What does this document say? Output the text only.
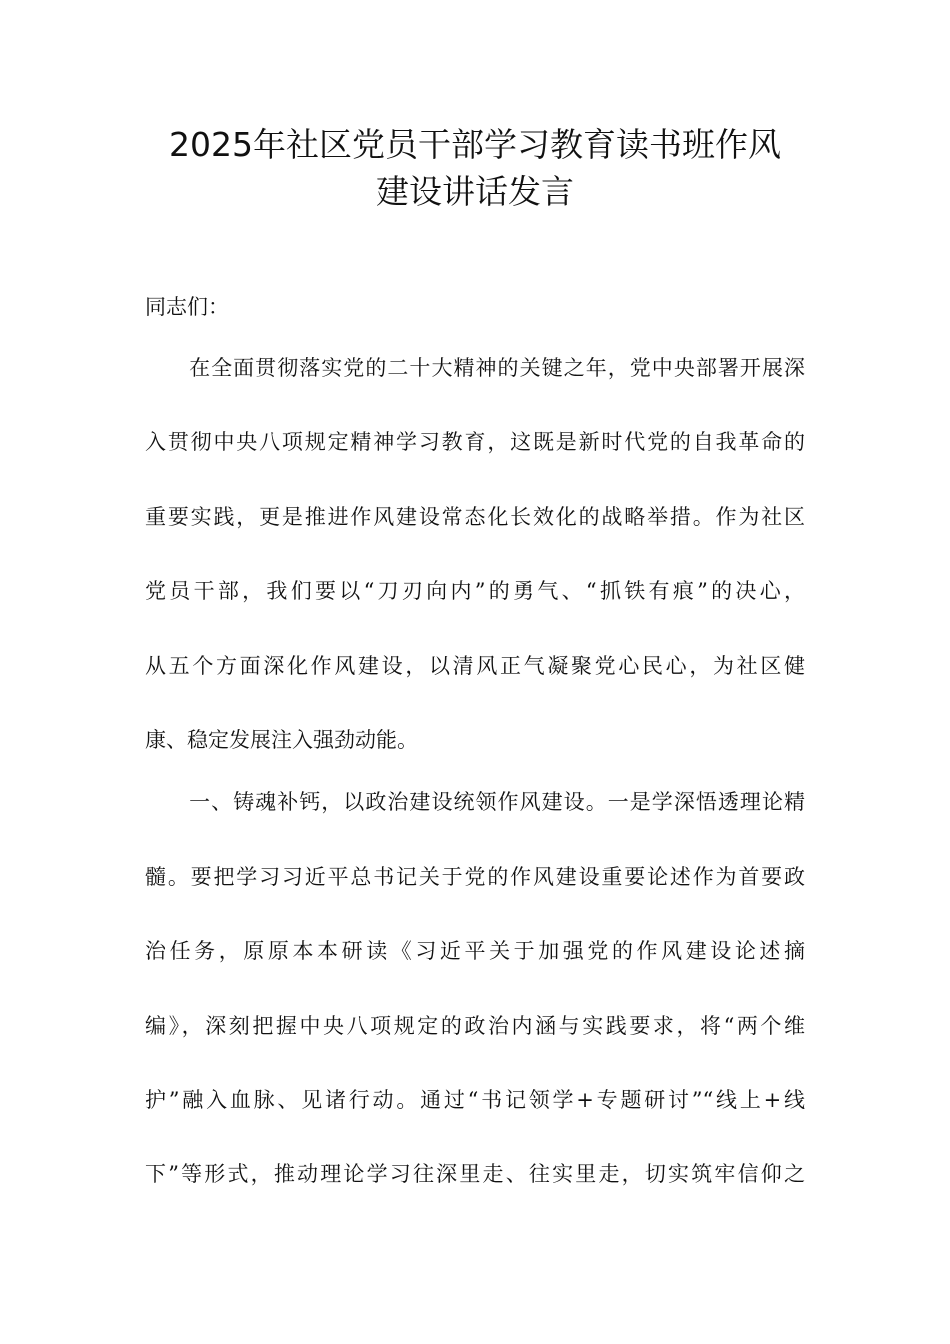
2025年社区党员干部学习教育读书班作风
建设讲话发言
同志们：
　　在全面贯彻落实党的二十大精神的关键之年，党中央部署开展深
入贯彻中央八项规定精神学习教育，这既是新时代党的自我革命的
重要实践，更是推进作风建设常态化长效化的战略举措。作为社区
党员干部，我们要以“刀刃向内”的勇气、“抓铁有痕”的决心，
从五个方面深化作风建设，以清风正气凝聚党心民心，为社区健
康、稳定发展注入强劲动能。
　　一、铸魂补钙，以政治建设统领作风建设。一是学深悟透理论精
髓。要把学习习近平总书记关于党的作风建设重要论述作为首要政
治任务，原原本本研读《习近平关于加强党的作风建设论述摘
编》，深刻把握中央八项规定的政治内涵与实践要求，将“两个维
护”融入血脉、见诸行动。通过“书记领学+专题研讨”“线上+线
下”等形式，推动理论学习往深里走、往实里走，切实筑牢信仰之
